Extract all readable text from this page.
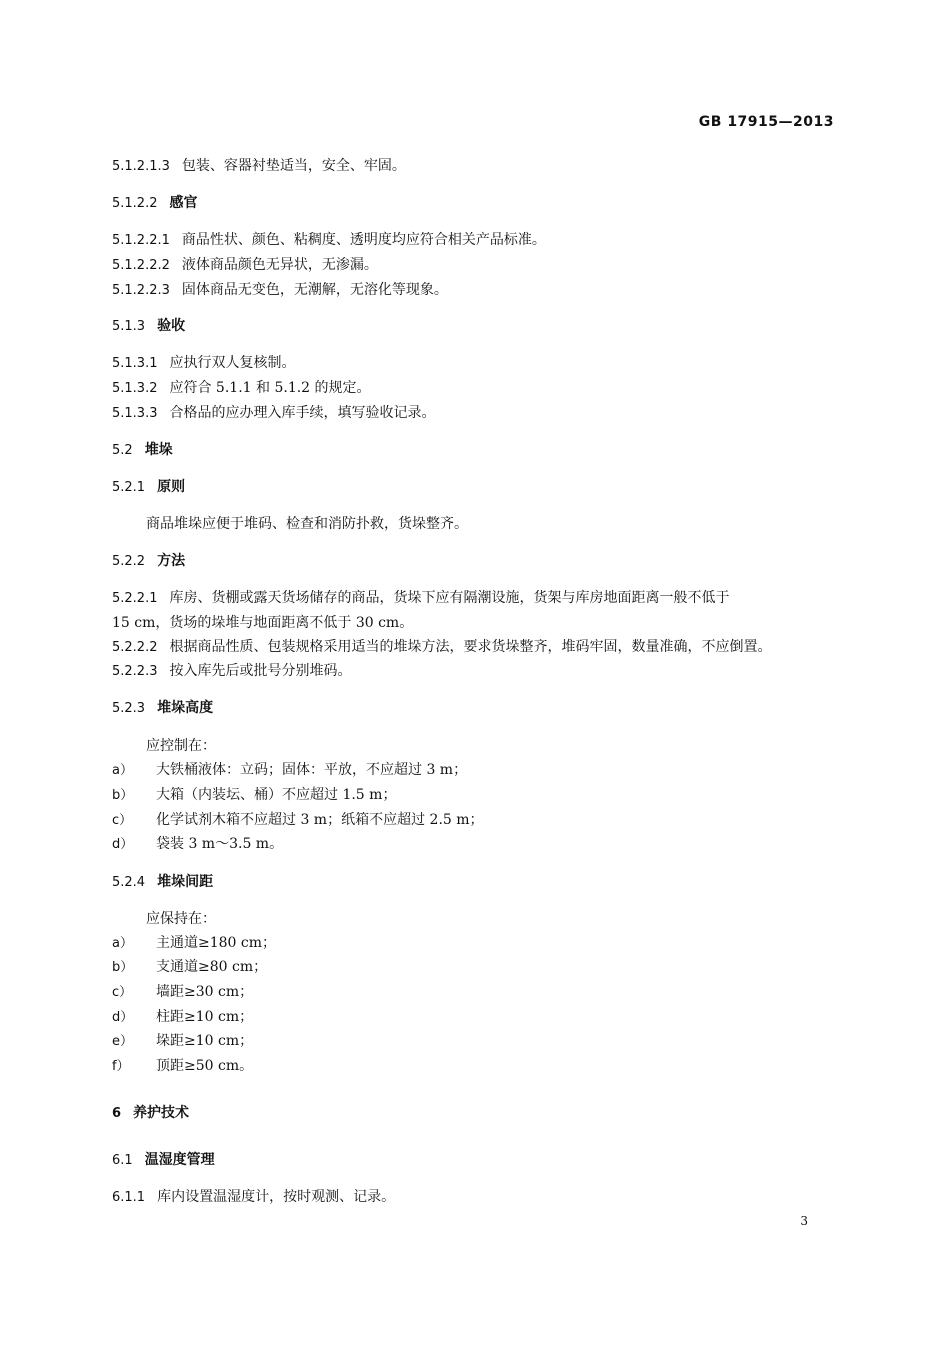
GB 17915—2013
5.1.2.1.3 包装、容器衬垫适当，安全、牢固。
5.1.2.2 感官
5.1.2.2.1 商品性状、颜色、粘稠度、透明度均应符合相关产品标准。
5.1.2.2.2 液体商品颜色无异状，无渗漏。
5.1.2.2.3 固体商品无变色，无潮解，无溶化等现象。
5.1.3 验收
5.1.3.1 应执行双人复核制。
5.1.3.2 应符合 5.1.1 和 5.1.2 的规定。
5.1.3.3 合格品的应办理入库手续，填写验收记录。
5.2 堆垛
5.2.1 原则
商品堆垛应便于堆码、检查和消防扑救，货垛整齐。
5.2.2 方法
5.2.2.1 库房、货棚或露天货场储存的商品，货垛下应有隔潮设施，货架与库房地面距离一般不低于
15 cm，货场的垛堆与地面距离不低于 30 cm。
5.2.2.2 根据商品性质、包装规格采用适当的堆垛方法，要求货垛整齐，堆码牢固，数量准确，不应倒置。
5.2.2.3 按入库先后或批号分别堆码。
5.2.3 堆垛高度
应控制在：
a） 大铁桶液体：立码；固体：平放，不应超过 3 m；
b） 大箱（内装坛、桶）不应超过 1.5 m；
c） 化学试剂木箱不应超过 3 m；纸箱不应超过 2.5 m；
d） 袋装 3 m～3.5 m。
5.2.4 堆垛间距
应保持在：
a） 主通道≥180 cm；
b） 支通道≥80 cm；
c） 墙距≥30 cm；
d） 柱距≥10 cm；
e） 垛距≥10 cm；
f） 顶距≥50 cm。
6 养护技术
6.1 温湿度管理
6.1.1 库内设置温湿度计，按时观测、记录。
3
